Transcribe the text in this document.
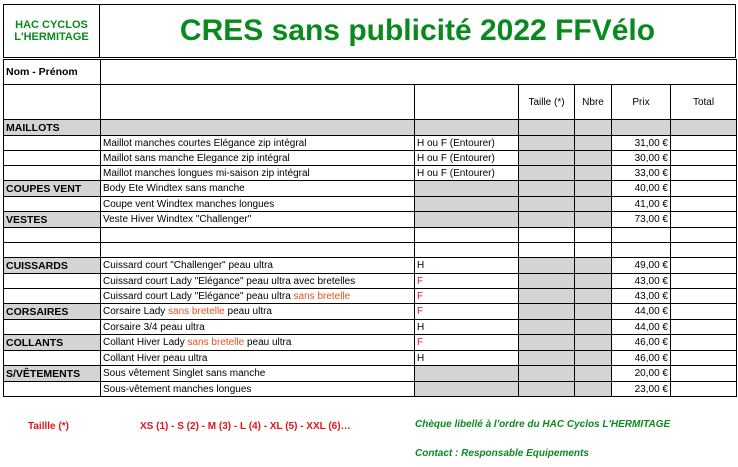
HAC CYCLOS
L'HERMITAGE	CRES sans publicité 2022 FFVélo
Nom - Prénom						
			Taille (*)	Nbre	Prix	Total
MAILLOTS						
	Maillot manches courtes Elégance zip intégral	H ou F (Entourer)			31,00 €	
	Maillot sans manche Elegance zip intégral	H ou F (Entourer)			30,00 €	
	Maillot manches longues mi-saison zip intégral	H ou F (Entourer)			33,00 €	
COUPES VENT	Body Ete Windtex sans manche				40,00 €	
	Coupe vent Windtex manches longues				41,00 €	
VESTES	Veste Hiver Windtex "Challenger"				73,00 €	

CUISSARDS	Cuissard court "Challenger" peau ultra	H			49,00 €	
	Cuissard court Lady "Elégance" peau ultra avec bretelles	F			43,00 €	
	Cuissard court Lady "Elégance" peau ultra sans bretelle	F			43,00 €	
CORSAIRES	Corsaire Lady sans bretelle peau ultra	F			44,00 €	
	Corsaire 3/4 peau ultra	H			44,00 €	
COLLANTS	Collant Hiver Lady sans bretelle peau ultra	F			46,00 €	
	Collant Hiver peau ultra	H			46,00 €	
S/VÊTEMENTS	Sous vêtement Singlet sans manche				20,00 €	
	Sous-vêtement manches longues				23,00 €	
Taillle (*)	XS (1) - S (2) - M (3) - L (4) - XL (5) - XXL (6)…	Chèque libellé à l'ordre du HAC Cyclos L'HERMITAGE
Contact : Responsable Equipements
